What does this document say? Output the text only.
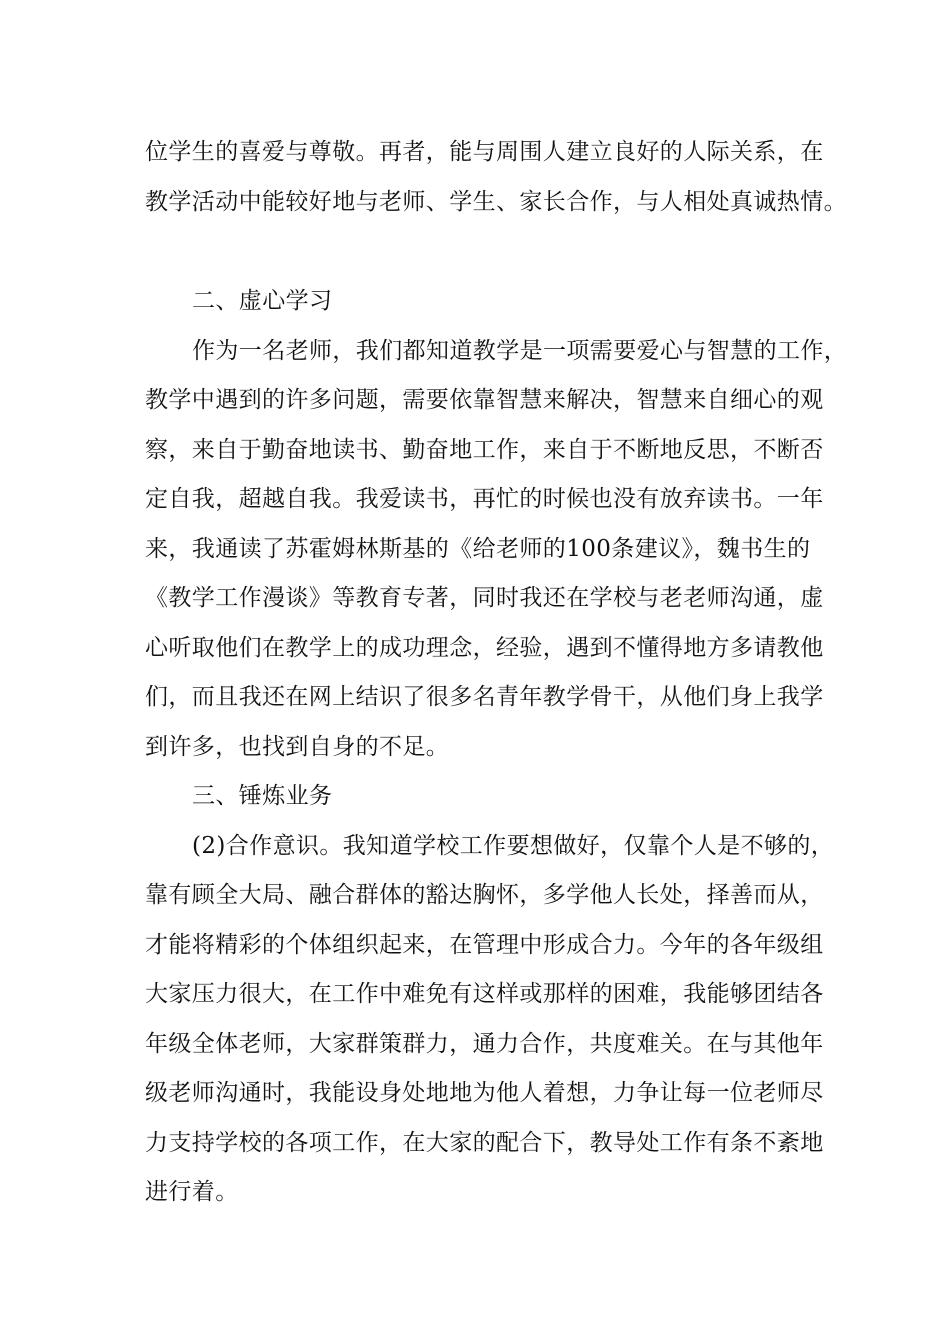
位学生的喜爱与尊敬。再者，能与周围人建立良好的人际关系，在
教学活动中能较好地与老师、学生、家长合作，与人相处真诚热情。
二、虚心学习
作为一名老师，我们都知道教学是一项需要爱心与智慧的工作，
教学中遇到的许多问题，需要依靠智慧来解决，智慧来自细心的观
察，来自于勤奋地读书、勤奋地工作，来自于不断地反思，不断否
定自我，超越自我。我爱读书，再忙的时候也没有放弃读书。一年
来，我通读了苏霍姆林斯基的《给老师的100条建议》，魏书生的
《教学工作漫谈》等教育专著，同时我还在学校与老老师沟通，虚
心听取他们在教学上的成功理念，经验，遇到不懂得地方多请教他
们，而且我还在网上结识了很多名青年教学骨干，从他们身上我学
到许多，也找到自身的不足。
三、锤炼业务
(2)合作意识。我知道学校工作要想做好，仅靠个人是不够的，
靠有顾全大局、融合群体的豁达胸怀，多学他人长处，择善而从，
才能将精彩的个体组织起来，在管理中形成合力。今年的各年级组
大家压力很大，在工作中难免有这样或那样的困难，我能够团结各
年级全体老师，大家群策群力，通力合作，共度难关。在与其他年
级老师沟通时，我能设身处地地为他人着想，力争让每一位老师尽
力支持学校的各项工作，在大家的配合下，教导处工作有条不紊地
进行着。
